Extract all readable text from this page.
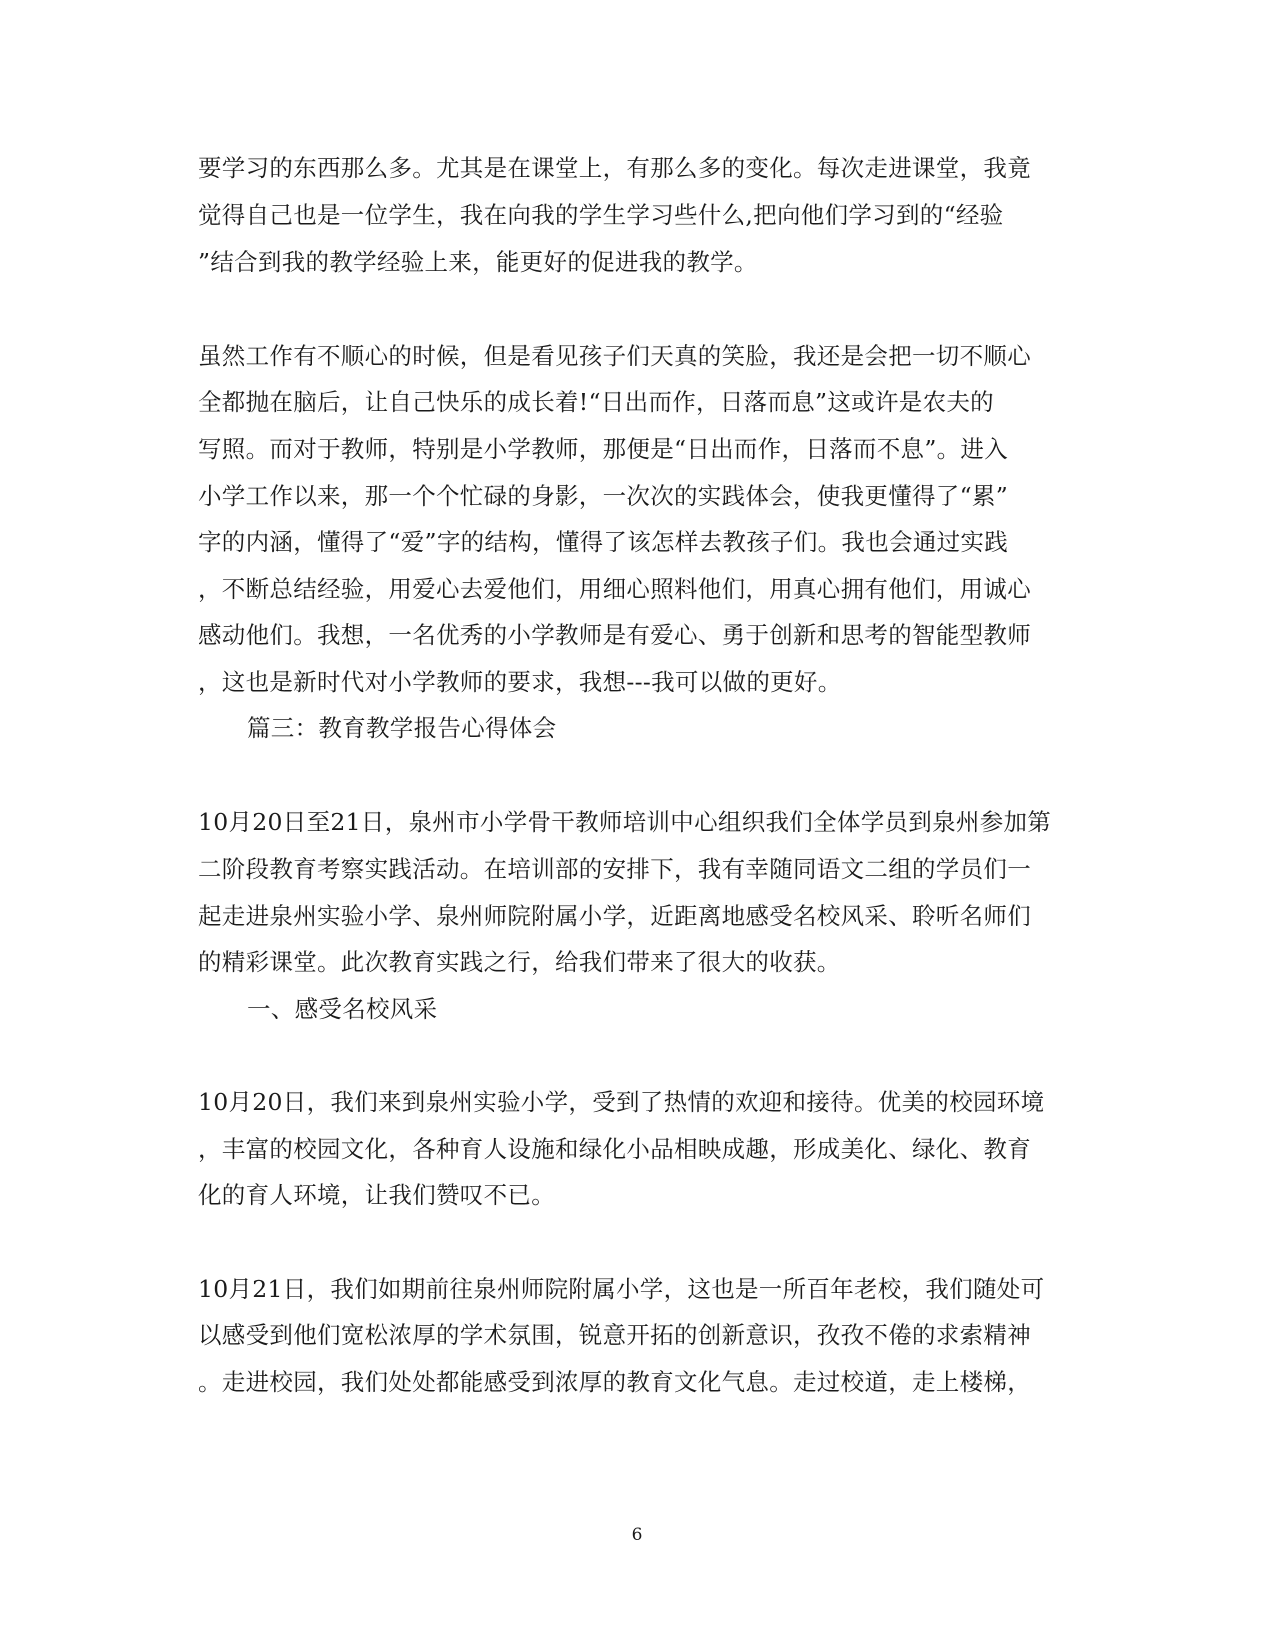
要学习的东西那么多。尤其是在课堂上，有那么多的变化。每次走进课堂，我竟
觉得自己也是一位学生，我在向我的学生学习些什么,把向他们学习到的“经验
”结合到我的教学经验上来，能更好的促进我的教学。
虽然工作有不顺心的时候，但是看见孩子们天真的笑脸，我还是会把一切不顺心
全都抛在脑后，让自己快乐的成长着!“日出而作，日落而息”这或许是农夫的
写照。而对于教师，特别是小学教师，那便是“日出而作，日落而不息”。进入
小学工作以来，那一个个忙碌的身影，一次次的实践体会，使我更懂得了“累”
字的内涵，懂得了“爱”字的结构，懂得了该怎样去教孩子们。我也会通过实践
，不断总结经验，用爱心去爱他们，用细心照料他们，用真心拥有他们，用诚心
感动他们。我想，一名优秀的小学教师是有爱心、勇于创新和思考的智能型教师
，这也是新时代对小学教师的要求，我想---我可以做的更好。
篇三：教育教学报告心得体会
10月20日至21日，泉州市小学骨干教师培训中心组织我们全体学员到泉州参加第
二阶段教育考察实践活动。在培训部的安排下，我有幸随同语文二组的学员们一
起走进泉州实验小学、泉州师院附属小学，近距离地感受名校风采、聆听名师们
的精彩课堂。此次教育实践之行，给我们带来了很大的收获。
一、感受名校风采
10月20日，我们来到泉州实验小学，受到了热情的欢迎和接待。优美的校园环境
，丰富的校园文化，各种育人设施和绿化小品相映成趣，形成美化、绿化、教育
化的育人环境，让我们赞叹不已。
10月21日，我们如期前往泉州师院附属小学，这也是一所百年老校，我们随处可
以感受到他们宽松浓厚的学术氛围，锐意开拓的创新意识，孜孜不倦的求索精神
。走进校园，我们处处都能感受到浓厚的教育文化气息。走过校道，走上楼梯，
6
